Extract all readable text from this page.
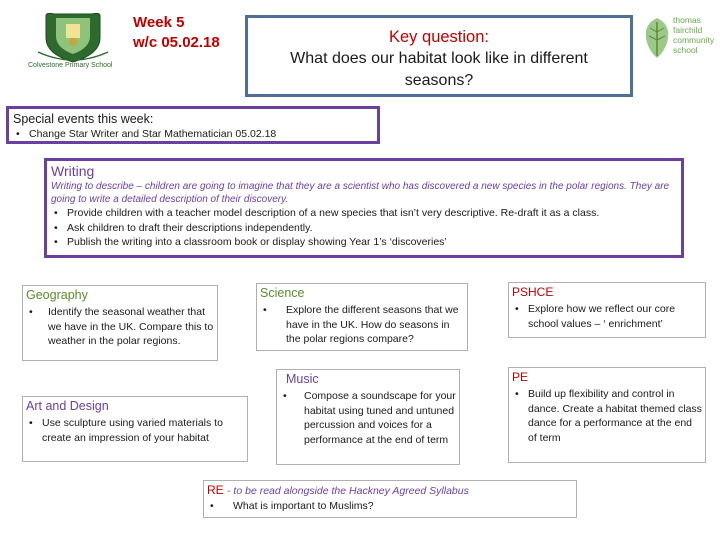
Colvestone Primary School
Week 5
w/c 05.02.18	Key question:
What does our habitat look like in different seasons?
thomas
fairchild
community
school
Special events this week:
• Change Star Writer and Star Mathematician 05.02.18
Writing
Writing to describe – children are going to imagine that they are a scientist who has discovered a new species in the polar regions. They are going to write a detailed description of their discovery.
• Provide children with a teacher model description of a new species that isn’t very descriptive. Re-draft it as a class.
• Ask children to draft their descriptions independently.
• Publish the writing into a classroom book or display showing Year 1’s ‘discoveries’
Geography
• Identify the seasonal weather that we have in the UK. Compare this to weather in the polar regions.
Science
• Explore the different seasons that we have in the UK. How do seasons in the polar regions compare?
PSHCE
• Explore how we reflect our core school values – ‘ enrichment’
Music
• Compose a soundscape for your habitat using tuned and untuned percussion and voices for a performance at the end of term
Art and Design
• Use sculpture using varied materials to create an impression of your habitat
PE
• Build up flexibility and control in dance. Create a habitat themed class dance for a performance at the end of term
RE - to be read alongside the Hackney Agreed Syllabus
• What is important to Muslims?
